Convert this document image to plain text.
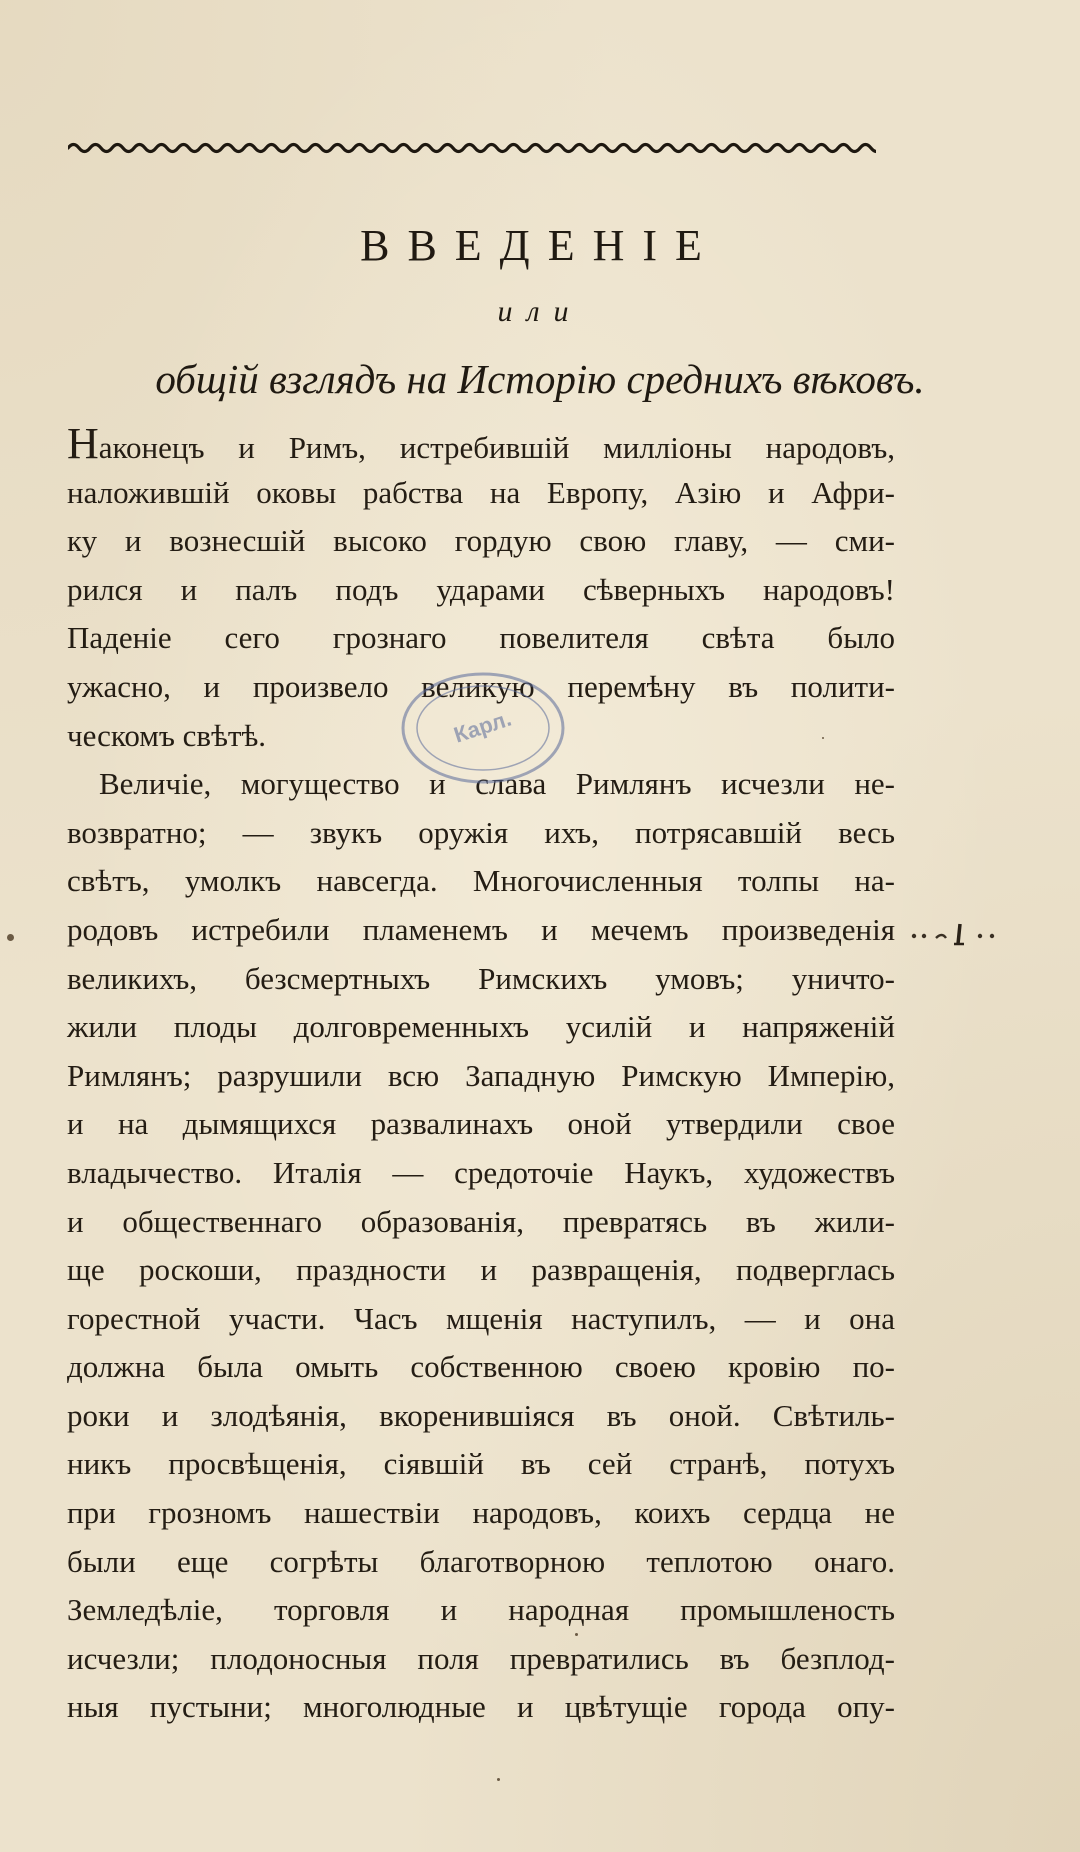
ВВЕДЕНIЕ
или
общiй взглядъ на Исторiю среднихъ вѣковъ.
Наконецъ и Римъ, истребившiй миллiоны народовъ,
наложившiй оковы рабства на Европу, Азiю и Афри-
ку и вознесшiй высоко гордую свою главу, — сми-
рился и палъ подъ ударами сѣверныхъ народовъ!
Паденiе сего грознаго повелителя свѣта было
ужасно, и произвело великую перемѣну въ полити-
ческомъ свѣтѣ.
Величiе, могущество и слава Римлянъ исчезли не-
возвратно; — звукъ оружiя ихъ, потрясавшiй весь
свѣтъ, умолкъ навсегда. Многочисленныя толпы на-
родовъ истребили пламенемъ и мечемъ произведенiя
великихъ, безсмертныхъ Римскихъ умовъ; уничто-
жили плоды долговременныхъ усилiй и напряженiй
Римлянъ; разрушили всю Западную Римскую Имперiю,
и на дымящихся развалинахъ оной утвердили свое
владычество. Италiя — средоточiе Наукъ, художествъ
и общественнаго образованiя, превратясь въ жили-
ще роскоши, праздности и развращенiя, подверглась
горестной участи. Часъ мщенiя наступилъ, — и она
должна была омыть собственною своею кровiю по-
роки и злодѣянiя, вкоренившiяся въ оной. Свѣтиль-
никъ просвѣщенiя, сiявшiй въ сей странѣ, потухъ
при грозномъ нашествiи народовъ, коихъ сердца не
были еще согрѣты благотворною теплотою онаго.
Земледѣлiе, торговля и народная промышленость
исчезли; плодоносныя поля превратились въ безплод-
ныя пустыни; многолюдные и цвѣтущiе города опу-
Карл.
